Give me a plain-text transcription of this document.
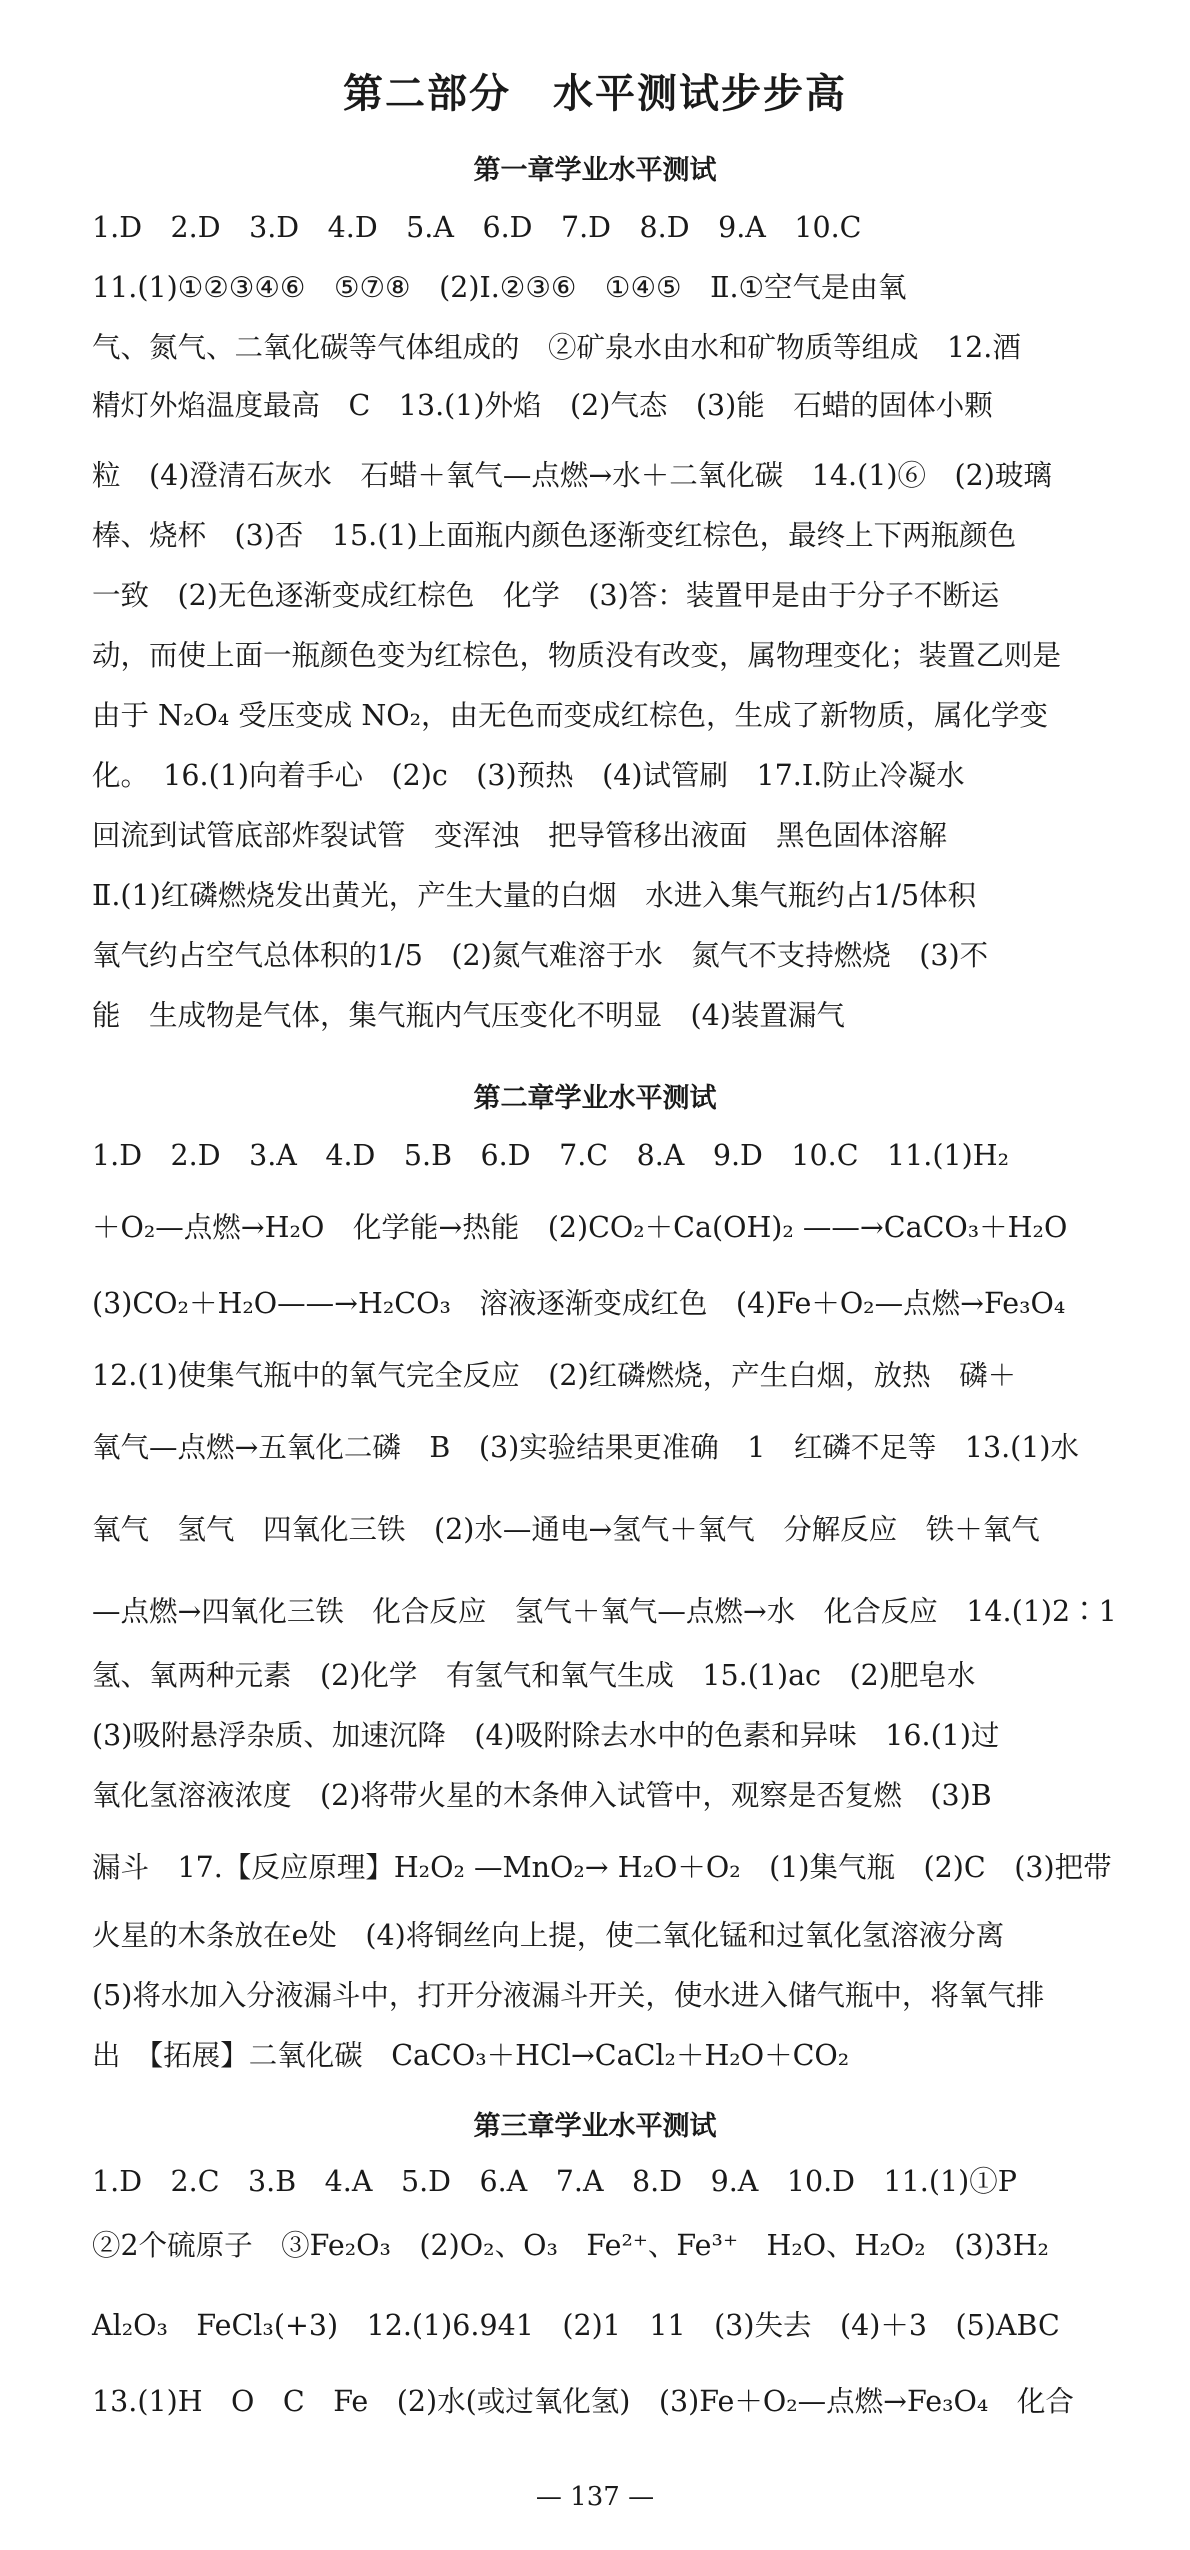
第二部分　水平测试步步高
第一章学业水平测试
1.D　2.D　3.D　4.D　5.A　6.D　7.D　8.D　9.A　10.C
11.(1)①②③④⑥　⑤⑦⑧　(2)Ⅰ.②③⑥　①④⑤　Ⅱ.①空气是由氧
气、氮气、二氧化碳等气体组成的　②矿泉水由水和矿物质等组成　12.酒
精灯外焰温度最高　C　13.(1)外焰　(2)气态　(3)能　石蜡的固体小颗
粒　(4)澄清石灰水　石蜡＋氧气—点燃→水＋二氧化碳　14.(1)⑥　(2)玻璃
棒、烧杯　(3)否　15.(1)上面瓶内颜色逐渐变红棕色，最终上下两瓶颜色
一致　(2)无色逐渐变成红棕色　化学　(3)答：装置甲是由于分子不断运
动，而使上面一瓶颜色变为红棕色，物质没有改变，属物理变化；装置乙则是
由于 N₂O₄ 受压变成 NO₂，由无色而变成红棕色，生成了新物质，属化学变
化。　16.(1)向着手心　(2)c　(3)预热　(4)试管刷　17.Ⅰ.防止冷凝水
回流到试管底部炸裂试管　变浑浊　把导管移出液面　黑色固体溶解
Ⅱ.(1)红磷燃烧发出黄光，产生大量的白烟　水进入集气瓶约占1/5体积
氧气约占空气总体积的1/5　(2)氮气难溶于水　氮气不支持燃烧　(3)不
能　生成物是气体，集气瓶内气压变化不明显　(4)装置漏气
第二章学业水平测试
1.D　2.D　3.A　4.D　5.B　6.D　7.C　8.A　9.D　10.C　11.(1)H₂
＋O₂—点燃→H₂O　化学能→热能　(2)CO₂＋Ca(OH)₂ ——→CaCO₃＋H₂O
(3)CO₂＋H₂O——→H₂CO₃　溶液逐渐变成红色　(4)Fe＋O₂—点燃→Fe₃O₄
12.(1)使集气瓶中的氧气完全反应　(2)红磷燃烧，产生白烟，放热　磷＋
氧气—点燃→五氧化二磷　B　(3)实验结果更准确　1　红磷不足等　13.(1)水
氧气　氢气　四氧化三铁　(2)水—通电→氢气＋氧气　分解反应　铁＋氧气
—点燃→四氧化三铁　化合反应　氢气＋氧气—点燃→水　化合反应　14.(1)2∶1
氢、氧两种元素　(2)化学　有氢气和氧气生成　15.(1)ac　(2)肥皂水
(3)吸附悬浮杂质、加速沉降　(4)吸附除去水中的色素和异味　16.(1)过
氧化氢溶液浓度　(2)将带火星的木条伸入试管中，观察是否复燃　(3)B
漏斗　17.【反应原理】H₂O₂ —MnO₂→ H₂O＋O₂　(1)集气瓶　(2)C　(3)把带
火星的木条放在e处　(4)将铜丝向上提，使二氧化锰和过氧化氢溶液分离
(5)将水加入分液漏斗中，打开分液漏斗开关，使水进入储气瓶中，将氧气排
出　【拓展】二氧化碳　CaCO₃＋HCl→CaCl₂＋H₂O＋CO₂
第三章学业水平测试
1.D　2.C　3.B　4.A　5.D　6.A　7.A　8.D　9.A　10.D　11.(1)①P
②2个硫原子　③Fe₂O₃　(2)O₂、O₃　Fe²⁺、Fe³⁺　H₂O、H₂O₂　(3)3H₂
Al₂O₃　FeCl₃(+3)　12.(1)6.941　(2)1　11　(3)失去　(4)＋3　(5)ABC
13.(1)H　O　C　Fe　(2)水(或过氧化氢)　(3)Fe＋O₂—点燃→Fe₃O₄　化合
— 137 —
